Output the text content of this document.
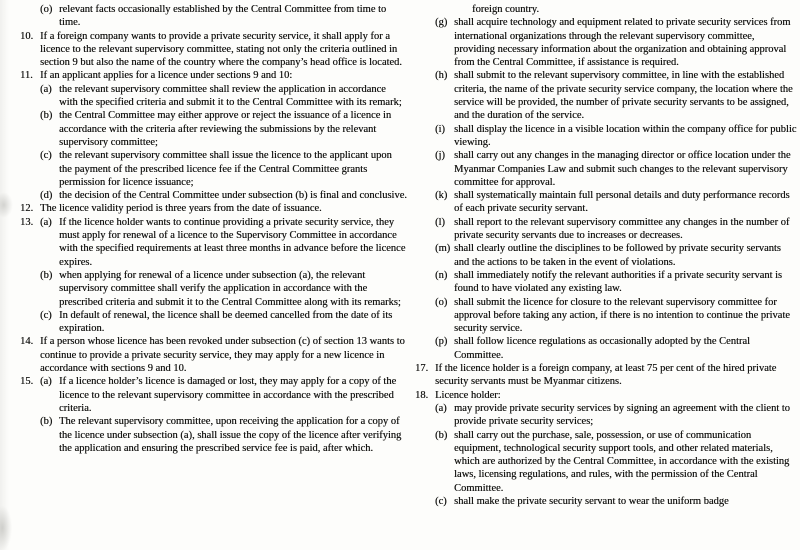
(o) relevant facts occasionally established by the Central Committee from time to time.
10. If a foreign company wants to provide a private security service, it shall apply for a licence to the relevant supervisory committee, stating not only the criteria outlined in section 9 but also the name of the country where the company’s head office is located.
11. If an applicant applies for a licence under sections 9 and 10:
(a) the relevant supervisory committee shall review the application in accordance with the specified criteria and submit it to the Central Committee with its remark;
(b) the Central Committee may either approve or reject the issuance of a licence in accordance with the criteria after reviewing the submissions by the relevant supervisory committee;
(c) the relevant supervisory committee shall issue the licence to the applicant upon the payment of the prescribed licence fee if the Central Committee grants permission for licence issuance;
(d) the decision of the Central Committee under subsection (b) is final and conclusive.
12. The licence validity period is three years from the date of issuance.
13. (a) If the licence holder wants to continue providing a private security service, they must apply for renewal of a licence to the Supervisory Committee in accordance with the specified requirements at least three months in advance before the licence expires.
(b) when applying for renewal of a licence under subsection (a), the relevant supervisory committee shall verify the application in accordance with the prescribed criteria and submit it to the Central Committee along with its remarks;
(c) In default of renewal, the licence shall be deemed cancelled from the date of its expiration.
14. If a person whose licence has been revoked under subsection (c) of section 13 wants to continue to provide a private security service, they may apply for a new licence in accordance with sections 9 and 10.
15. (a) If a licence holder’s licence is damaged or lost, they may apply for a copy of the licence to the relevant supervisory committee in accordance with the prescribed criteria.
(b) The relevant supervisory committee, upon receiving the application for a copy of the licence under subsection (a), shall issue the copy of the licence after verifying the application and ensuring the prescribed service fee is paid, after which.
foreign country.
(g) shall acquire technology and equipment related to private security services from international organizations through the relevant supervisory committee, providing necessary information about the organization and obtaining approval from the Central Committee, if assistance is required.
(h) shall submit to the relevant supervisory committee, in line with the established criteria, the name of the private security service company, the location where the service will be provided, the number of private security servants to be assigned, and the duration of the service.
(i) shall display the licence in a visible location within the company office for public viewing.
(j) shall carry out any changes in the managing director or office location under the Myanmar Companies Law and submit such changes to the relevant supervisory committee for approval.
(k) shall systematically maintain full personal details and duty performance records of each private security servant.
(l) shall report to the relevant supervisory committee any changes in the number of private security servants due to increases or decreases.
(m) shall clearly outline the disciplines to be followed by private security servants and the actions to be taken in the event of violations.
(n) shall immediately notify the relevant authorities if a private security servant is found to have violated any existing law.
(o) shall submit the licence for closure to the relevant supervisory committee for approval before taking any action, if there is no intention to continue the private security service.
(p) shall follow licence regulations as occasionally adopted by the Central Committee.
17. If the licence holder is a foreign company, at least 75 per cent of the hired private security servants must be Myanmar citizens.
18. Licence holder:
(a) may provide private security services by signing an agreement with the client to provide private security services;
(b) shall carry out the purchase, sale, possession, or use of communication equipment, technological security support tools, and other related materials, which are authorized by the Central Committee, in accordance with the existing laws, licensing regulations, and rules, with the permission of the Central Committee.
(c) shall make the private security servant to wear the uniform badge
